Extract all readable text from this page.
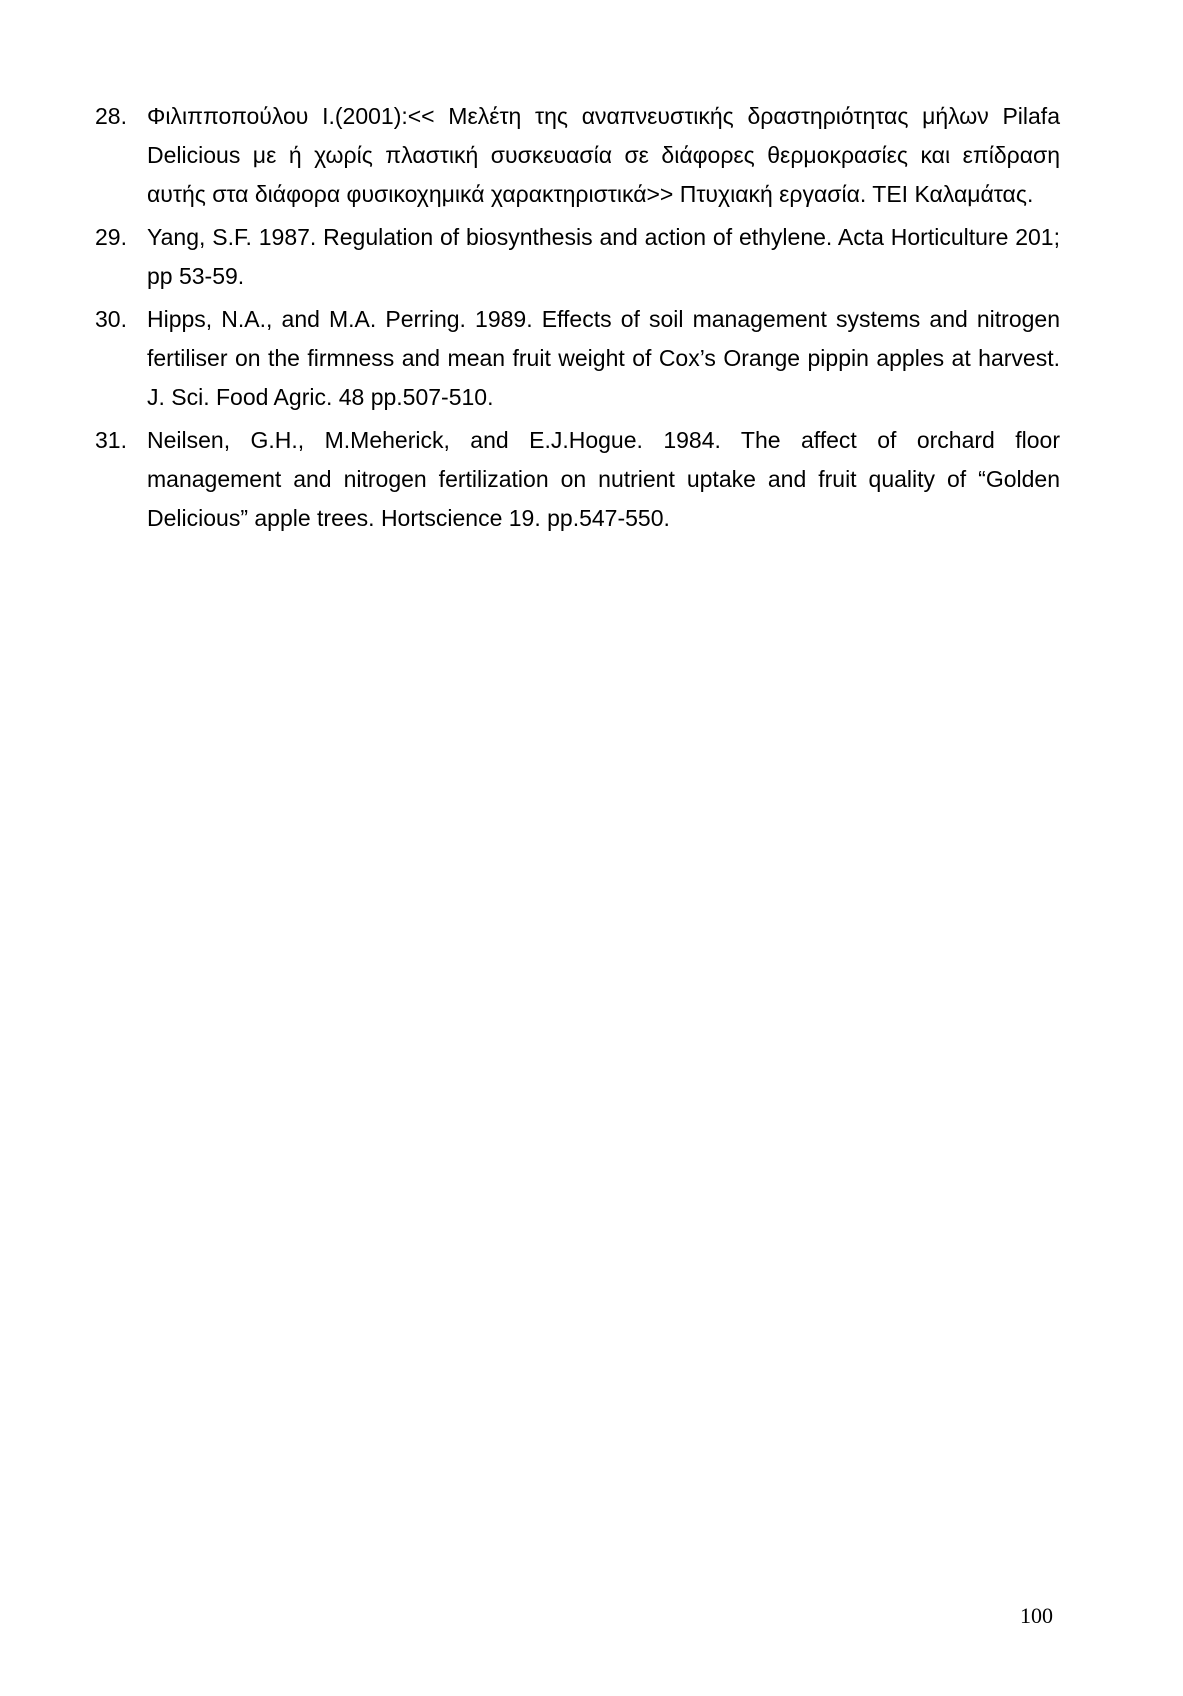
28. Φιλιπποπούλου Ι.(2001):<< Μελέτη της αναπνευστικής δραστηριότητας μήλων Pilafa Delicious με ή χωρίς πλαστική συσκευασία σε διάφορες θερμοκρασίες και επίδραση αυτής στα διάφορα φυσικοχημικά χαρακτηριστικά>> Πτυχιακή εργασία. ΤΕΙ Καλαμάτας.
29. Yang, S.F. 1987. Regulation of biosynthesis and action of ethylene. Acta Horticulture 201; pp 53-59.
30. Hipps, N.A., and M.A. Perring. 1989. Effects of soil management systems and nitrogen fertiliser on the firmness and mean fruit weight of Cox’s Orange pippin apples at harvest. J. Sci. Food Agric. 48 pp.507-510.
31. Neilsen, G.H., M.Meherick, and E.J.Hogue. 1984. The affect of orchard floor management and nitrogen fertilization on nutrient uptake and fruit quality of “Golden Delicious” apple trees. Hortscience 19. pp.547-550.
100
